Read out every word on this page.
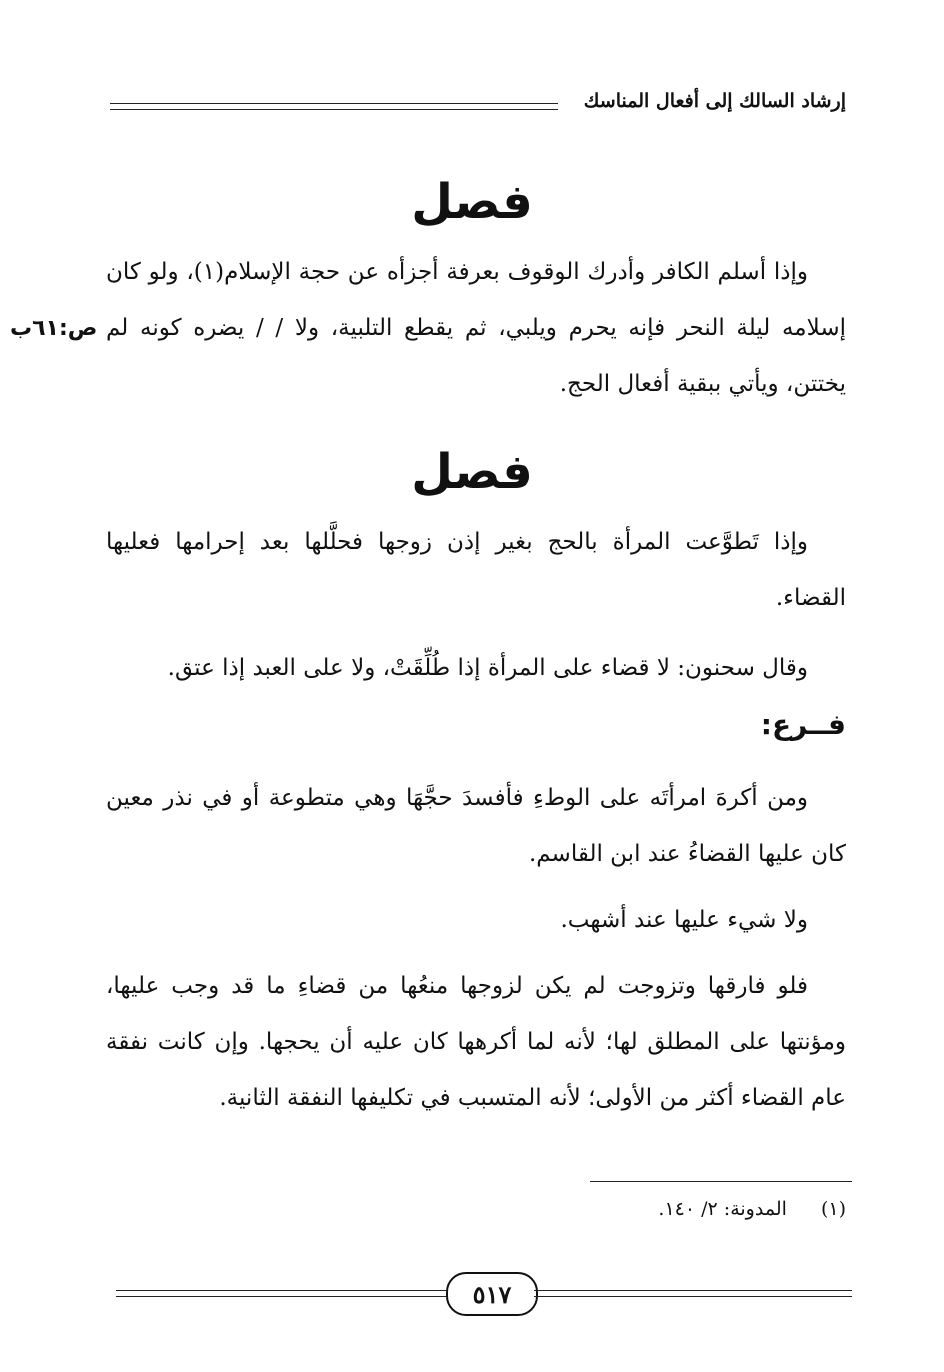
إرشاد السالك إلى أفعال المناسك
فصل
وإذا أسلم الكافر وأدرك الوقوف بعرفة أجزأه عن حجة الإسلام(١)، ولو كان إسلامه ليلة النحر فإنه يحرم ويلبي، ثم يقطع التلبية، ولا / / يضره كونه لم يختتن، ويأتي ببقية أفعال الحج.
ص:٦١ب
فصل
وإذا تَطوَّعت المرأة بالحج بغير إذن زوجها فحلَّلها بعد إحرامها فعليها القضاء.
وقال سحنون: لا قضاء على المرأة إذا طُلِّقَتْ، ولا على العبد إذا عتق.
فــرع:
ومن أكرهَ امرأتَه على الوطءِ فأفسدَ حجَّهَا وهي متطوعة أو في نذر معين كان عليها القضاءُ عند ابن القاسم.
ولا شيء عليها عند أشهب.
فلو فارقها وتزوجت لم يكن لزوجها منعُها من قضاءِ ما قد وجب عليها، ومؤنتها على المطلق لها؛ لأنه لما أكرهها كان عليه أن يحجها. وإن كانت نفقة عام القضاء أكثر من الأولى؛ لأنه المتسبب في تكليفها النفقة الثانية.
(١) المدونة: ٢/ ١٤٠.
٥١٧
